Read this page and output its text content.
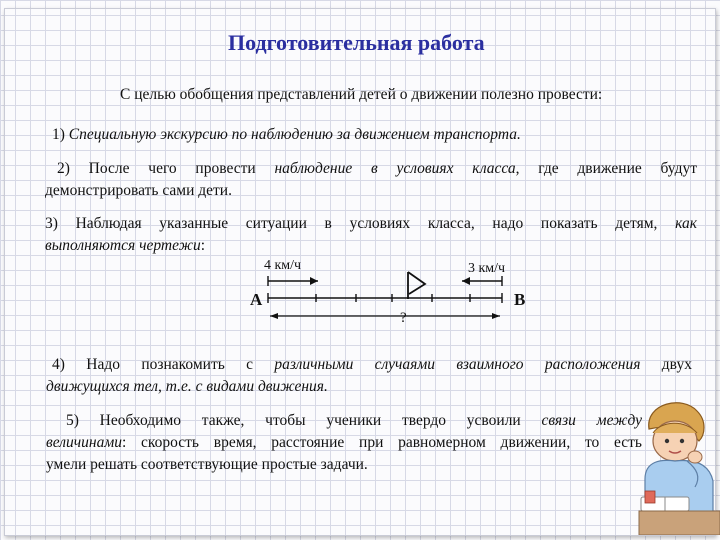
Подготовительная работа

С целью обобщения представлений детей о движении полезно провести:

1) Специальную экскурсию по наблюдению за движением транспорта.

2) После чего провести наблюдение в условиях класса, где движение будут
демонстрировать сами дети.
3) Наблюдая указанные ситуации в условиях класса, надо показать детям, как
выполняются чертежи:
4 км/ч	3 км/ч
А	В
?
4) Надо познакомить с различными случаями взаимного расположения двух
движущихся тел, т.е. с видами движения.
5) Необходимо также, чтобы ученики твердо усвоили связи между
величинами: скорость время, расстояние при равномерном движении, то есть
умели решать соответствующие простые задачи.
